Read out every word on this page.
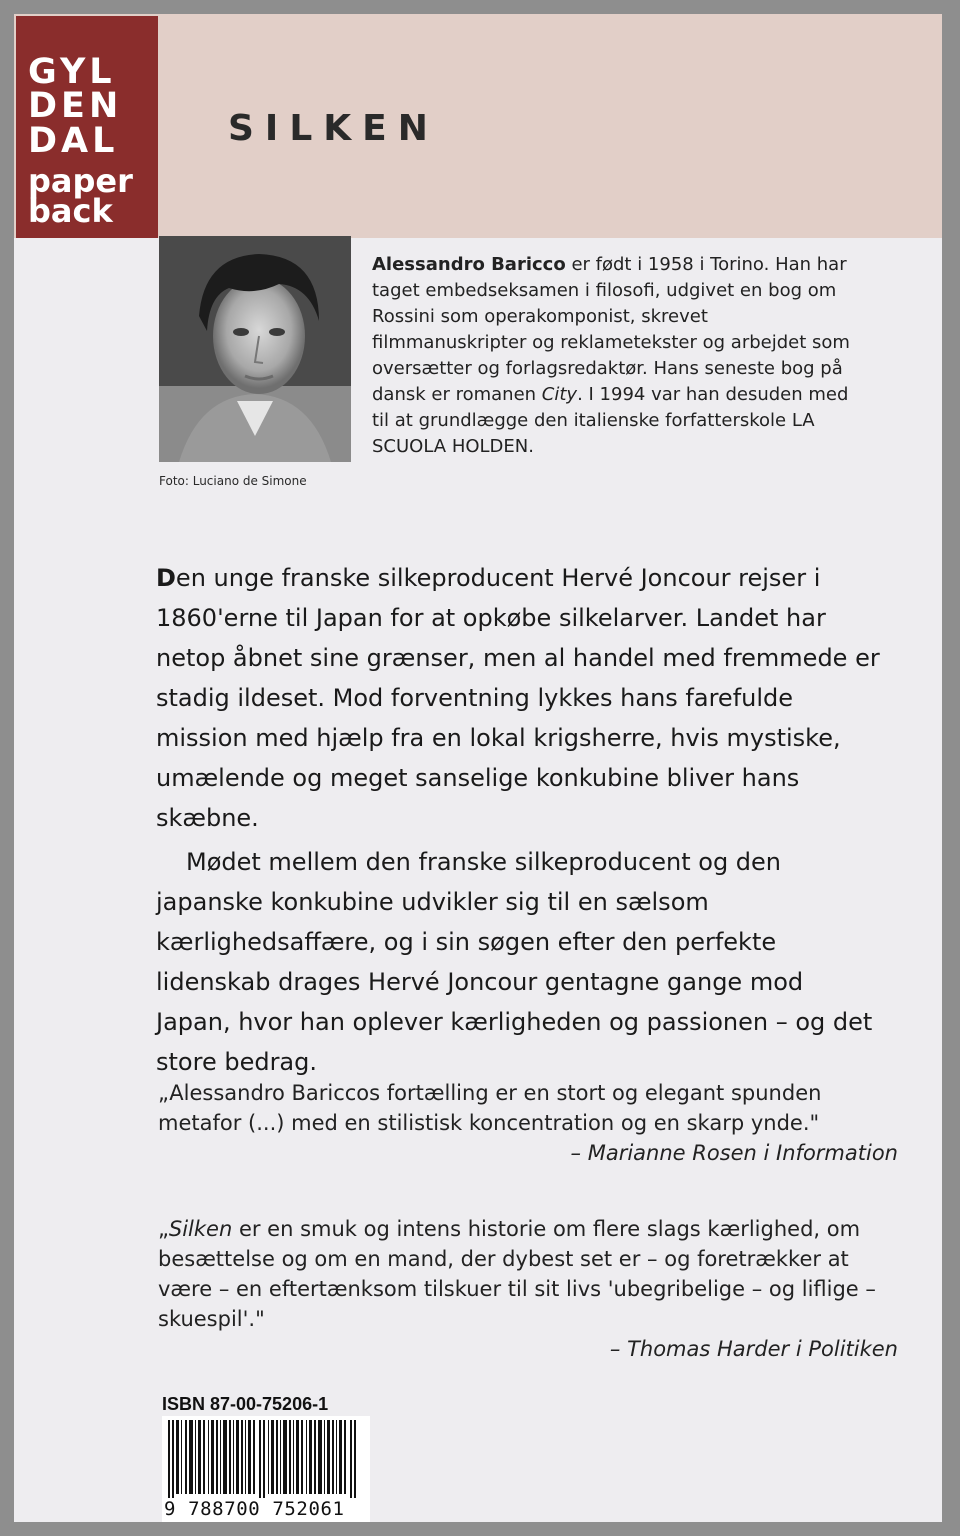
GYL
DEN
DAL
paper
back
SILKEN
Foto: Luciano de Simone
Alessandro Baricco er født i 1958 i Torino. Han har taget embedseksamen i filosofi, udgivet en bog om Rossini som operakomponist, skrevet filmmanuskripter og reklametekster og arbejdet som oversætter og forlagsredaktør. Hans seneste bog på dansk er romanen City. I 1994 var han desuden med til at grundlægge den italienske forfatterskole LA SCUOLA HOLDEN.

Den unge franske silkeproducent Hervé Joncour rejser i 1860'erne til Japan for at opkøbe silkelarver. Landet har netop åbnet sine grænser, men al handel med fremmede er stadig ildeset. Mod forventning lykkes hans farefulde mission med hjælp fra en lokal krigsherre, hvis mystiske, umælende og meget sanselige konkubine bliver hans skæbne.

Mødet mellem den franske silkeproducent og den japanske konkubine udvikler sig til en sælsom kærlighedsaffære, og i sin søgen efter den perfekte lidenskab drages Hervé Joncour gentagne gange mod Japan, hvor han oplever kærligheden og passionen – og det store bedrag.

„Alessandro Bariccos fortælling er en stort og elegant spunden metafor (...) med en stilistisk koncentration og en skarp ynde."
– Marianne Rosen i Information
„Silken er en smuk og intens historie om flere slags kærlighed, om besættelse og om en mand, der dybest set er – og foretrækker at være – en eftertænksom tilskuer til sit livs 'ubegribelige – og liflige – skuespil'."
– Thomas Harder i Politiken
ISBN 87-00-75206-1
9 788700 752061
